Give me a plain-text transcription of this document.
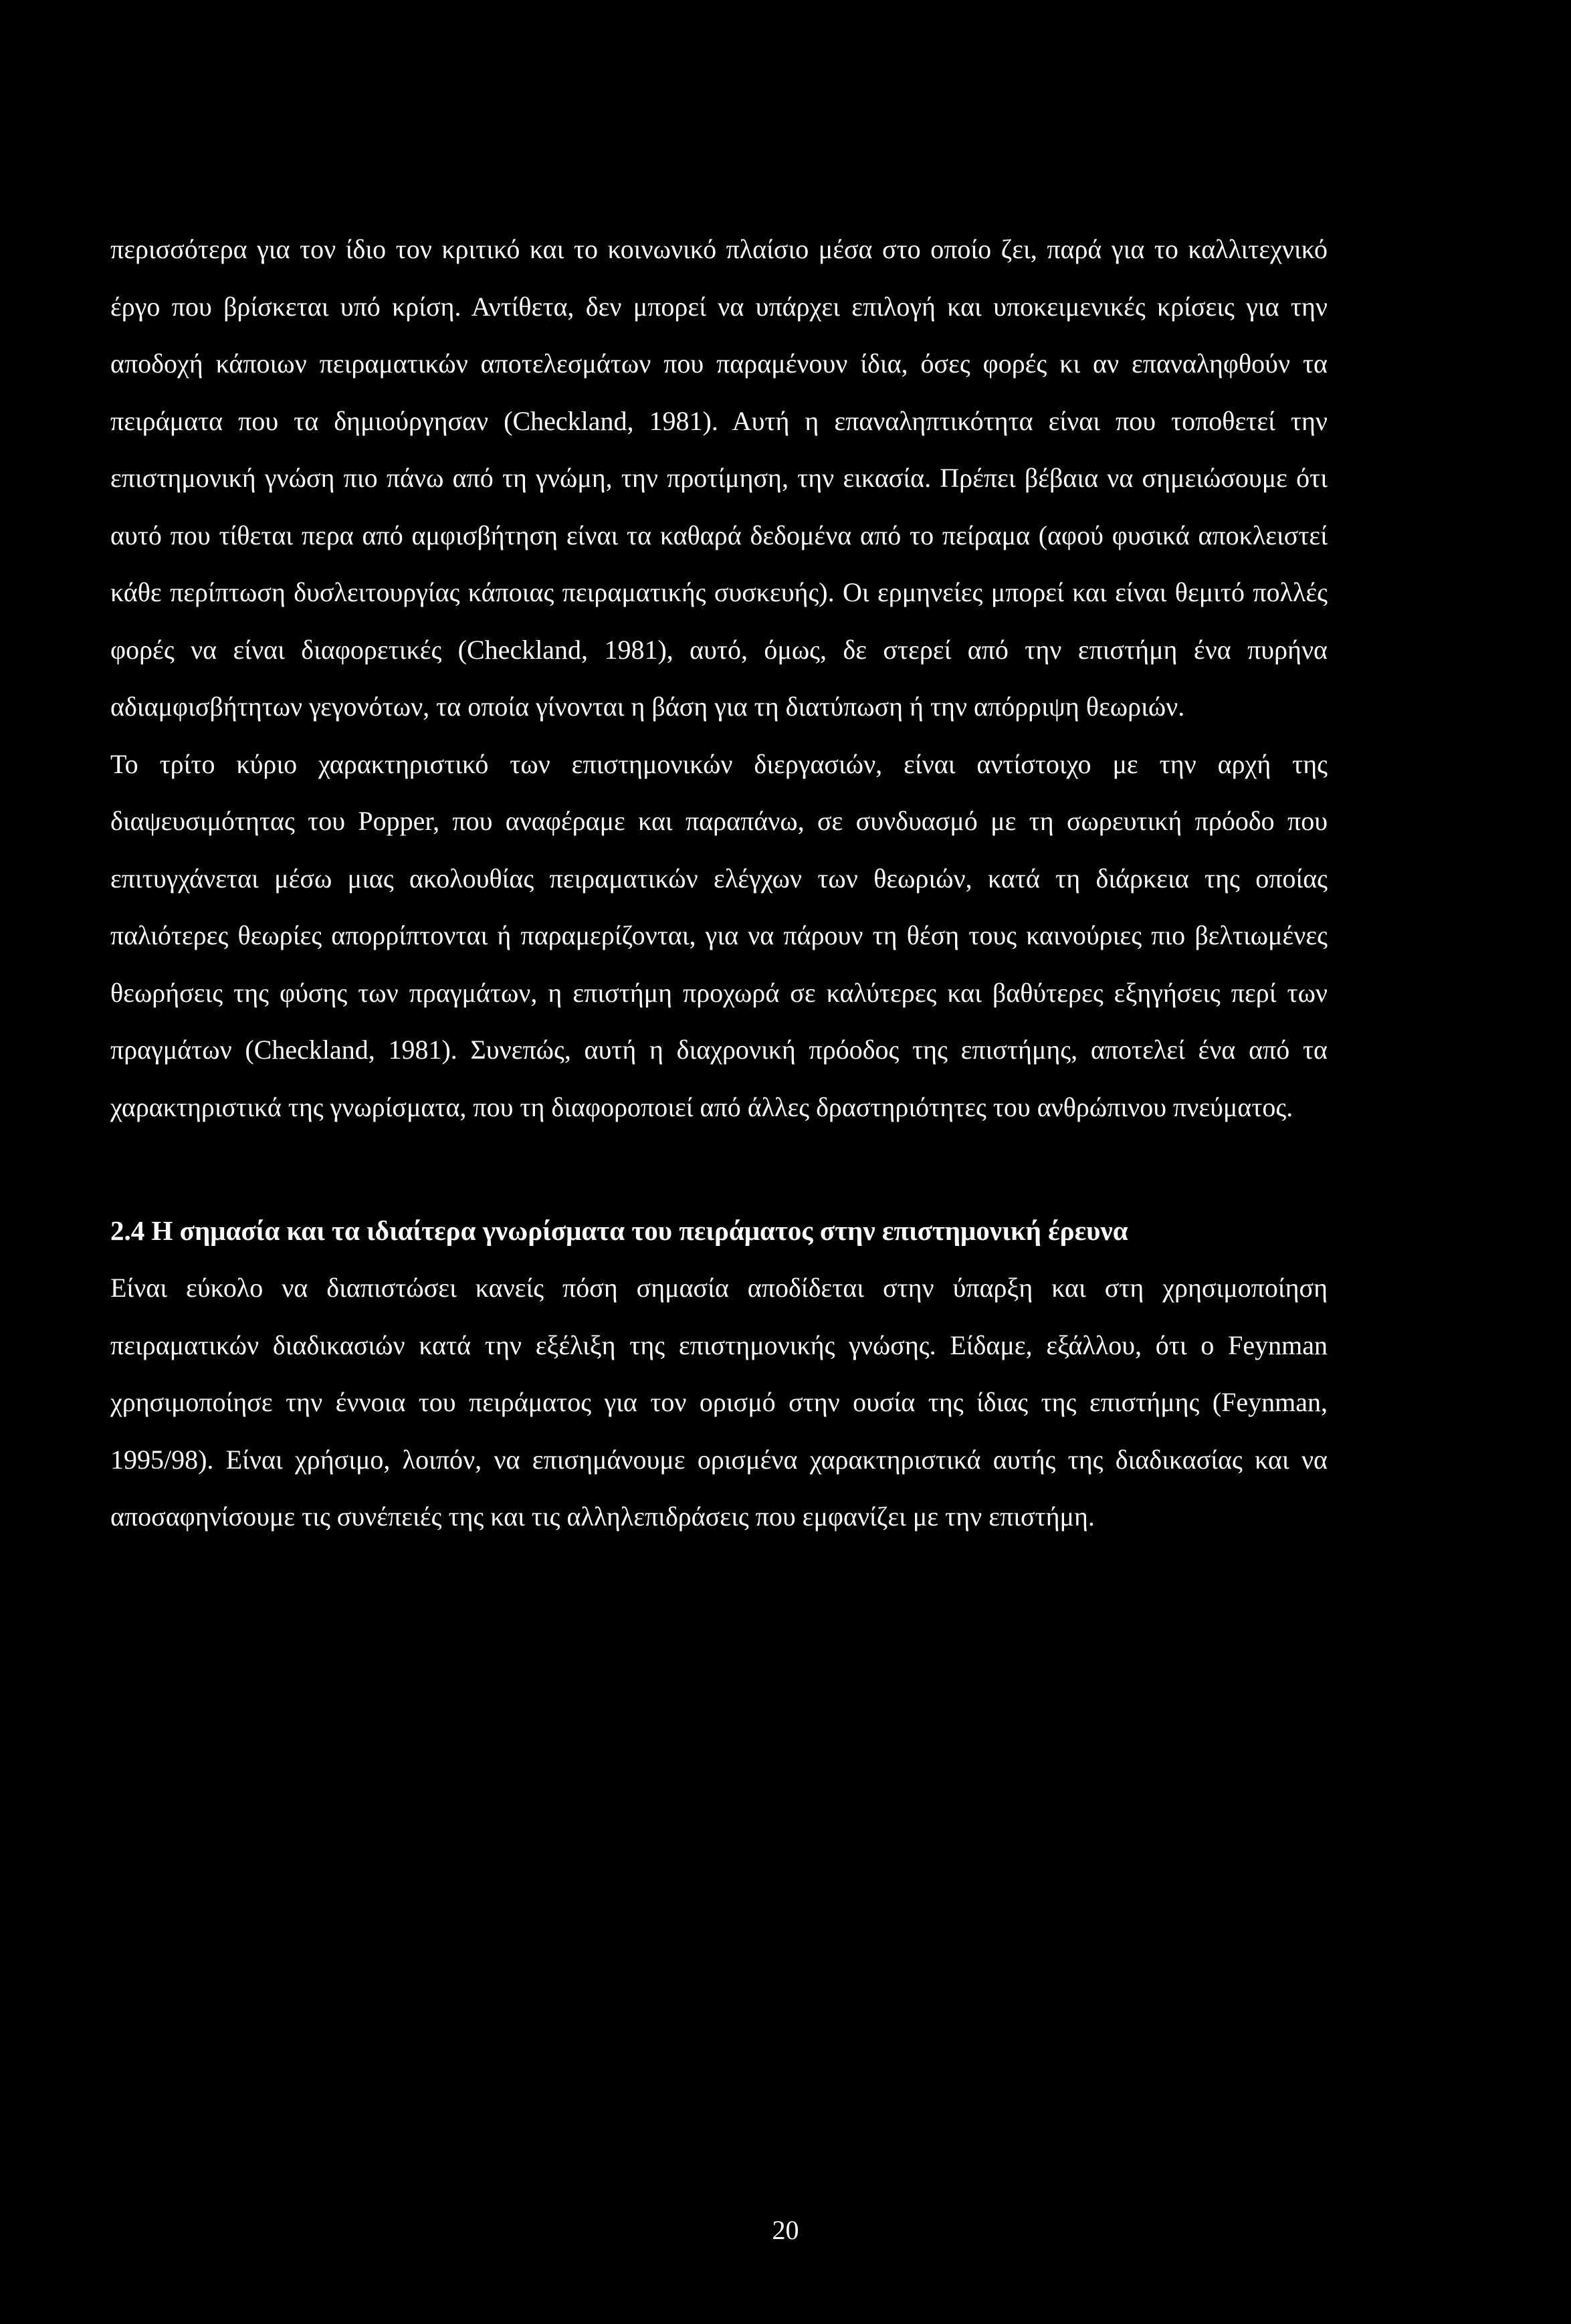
περισσότερα για τον ίδιο τον κριτικό και το κοινωνικό πλαίσιο μέσα στο οποίο ζει, παρά για το καλλιτεχνικό έργο που βρίσκεται υπό κρίση. Αντίθετα, δεν μπορεί να υπάρχει επιλογή και υποκειμενικές κρίσεις για την αποδοχή κάποιων πειραματικών αποτελεσμάτων που παραμένουν ίδια, όσες φορές κι αν επαναληφθούν τα πειράματα που τα δημιούργησαν (Checkland, 1981). Αυτή η επαναληπτικότητα είναι που τοποθετεί την επιστημονική γνώση πιο πάνω από τη γνώμη, την προτίμηση, την εικασία. Πρέπει βέβαια να σημειώσουμε ότι αυτό που τίθεται περα από αμφισβήτηση είναι τα καθαρά δεδομένα από το πείραμα (αφού φυσικά αποκλειστεί κάθε περίπτωση δυσλειτουργίας κάποιας πειραματικής συσκευής). Οι ερμηνείες μπορεί και είναι θεμιτό πολλές φορές να είναι διαφορετικές (Checkland, 1981), αυτό, όμως, δε στερεί από την επιστήμη ένα πυρήνα αδιαμφισβήτητων γεγονότων, τα οποία γίνονται η βάση για τη διατύπωση ή την απόρριψη θεωριών.

Το τρίτο κύριο χαρακτηριστικό των επιστημονικών διεργασιών, είναι αντίστοιχο με την αρχή της διαψευσιμότητας του Popper, που αναφέραμε και παραπάνω, σε συνδυασμό με τη σωρευτική πρόοδο που επιτυγχάνεται μέσω μιας ακολουθίας πειραματικών ελέγχων των θεωριών, κατά τη διάρκεια της οποίας παλιότερες θεωρίες απορρίπτονται ή παραμερίζονται, για να πάρουν τη θέση τους καινούριες πιο βελτιωμένες θεωρήσεις της φύσης των πραγμάτων, η επιστήμη προχωρά σε καλύτερες και βαθύτερες εξηγήσεις περί των πραγμάτων (Checkland, 1981). Συνεπώς, αυτή η διαχρονική πρόοδος της επιστήμης, αποτελεί ένα από τα χαρακτηριστικά της γνωρίσματα, που τη διαφοροποιεί από άλλες δραστηριότητες του ανθρώπινου πνεύματος.

2.4 Η σημασία και τα ιδιαίτερα γνωρίσματα του πειράματος στην επιστημονική έρευνα

Είναι εύκολο να διαπιστώσει κανείς πόση σημασία αποδίδεται στην ύπαρξη και στη χρησιμοποίηση πειραματικών διαδικασιών κατά την εξέλιξη της επιστημονικής γνώσης. Είδαμε, εξάλλου, ότι ο Feynman χρησιμοποίησε την έννοια του πειράματος για τον ορισμό στην ουσία της ίδιας της επιστήμης (Feynman, 1995/98). Είναι χρήσιμο, λοιπόν, να επισημάνουμε ορισμένα χαρακτηριστικά αυτής της διαδικασίας και να αποσαφηνίσουμε τις συνέπειές της και τις αλληλεπιδράσεις που εμφανίζει με την επιστήμη.

20
